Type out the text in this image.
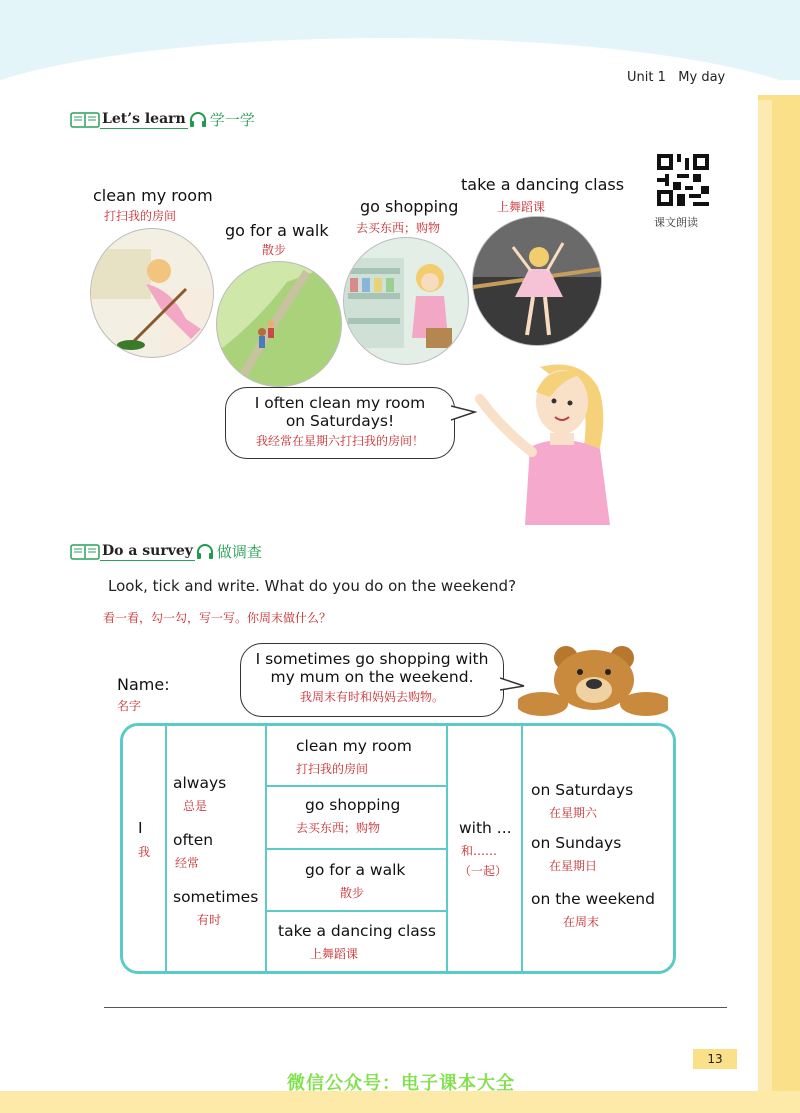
Unit 1 My day
Let’s learn 学一学
课文朗读
clean my room
打扫我的房间
go for a walk
散步
go shopping
去买东西；购物
take a dancing class
上舞蹈课
I often clean my room
on Saturdays!
我经常在星期六打扫我的房间！
Do a survey 做调查
Look, tick and write. What do you do on the weekend?
看一看，勾一勾，写一写。你周末做什么？
Name:
名字
I sometimes go shopping with
my mum on the weekend.
我周末有时和妈妈去购物。
I
我
always
总是
often
经常
sometimes
有时
clean my room
打扫我的房间
go shopping
去买东西；购物
go for a walk
散步
take a dancing class
上舞蹈课
with ...
和……
（一起）
on Saturdays
在星期六
on Sundays
在星期日
on the weekend
在周末
13
微信公众号：电子课本大全
